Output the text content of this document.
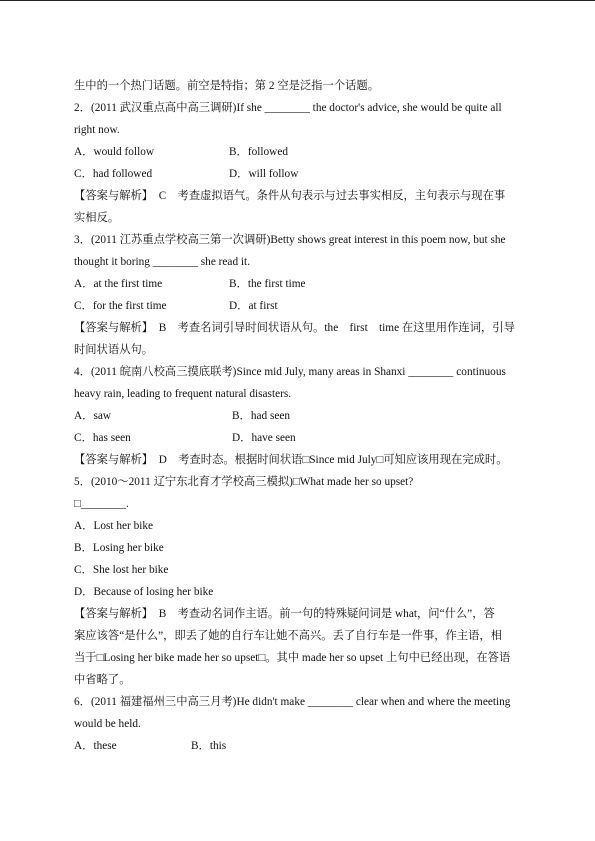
生中的一个热门话题。前空是特指；第 2 空是泛指一个话题。
2．(2011 武汉重点高中高三调研)If she ________ the doctor's advice, she would be quite all
right now.
A．would follow	B．followed
C．had followed	D．will follow
【答案与解析】　C　考查虚拟语气。条件从句表示与过去事实相反，主句表示与现在事
实相反。
3．(2011 江苏重点学校高三第一次调研)Betty shows great interest in this poem now, but she
thought it boring ________ she read it.
A．at the first time	B．the first time
C．for the first time	D．at first
【答案与解析】　B　考查名词引导时间状语从句。the　first　time 在这里用作连词，引导
时间状语从句。
4．(2011 皖南八校高三摸底联考)Since mid July, many areas in Shanxi ________ continuous
heavy rain, leading to frequent natural disasters.
A．saw	B．had seen
C．has seen	D．have seen
【答案与解析】　D　考查时态。根据时间状语□Since mid July□可知应该用现在完成时。
5．(2010～2011 辽宁东北育才学校高三模拟)□What made her so upset?
□________.
A．Lost her bike
B．Losing her bike
C．She lost her bike
D．Because of losing her bike
【答案与解析】　B　考查动名词作主语。前一句的特殊疑问词是 what，问“什么”，答
案应该答“是什么”，即丢了她的自行车让她不高兴。丢了自行车是一件事，作主语，相
当于□Losing her bike made her so upset□。其中 made her so upset 上句中已经出现，在答语
中省略了。
6．(2011 福建福州三中高三月考)He didn't make ________ clear when and where the meeting
would be held.
A．these	B．this
